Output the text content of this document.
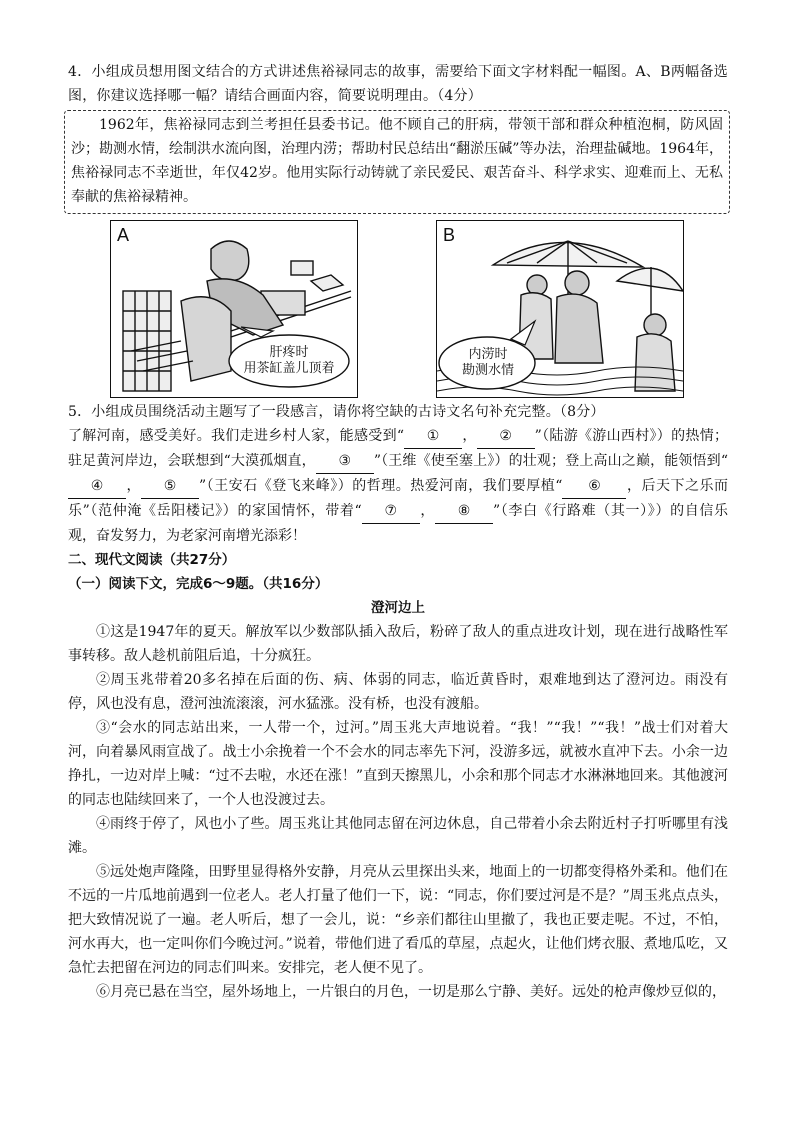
4．小组成员想用图文结合的方式讲述焦裕禄同志的故事，需要给下面文字材料配一幅图。A、B两幅备选图，你建议选择哪一幅？请结合画面内容，简要说明理由。（4分）

1962年，焦裕禄同志到兰考担任县委书记。他不顾自己的肝病，带领干部和群众种植泡桐，防风固沙；勘测水情，绘制洪水流向图，治理内涝；帮助村民总结出“翻淤压碱”等办法，治理盐碱地。1964年，焦裕禄同志不幸逝世，年仅42岁。他用实际行动铸就了亲民爱民、艰苦奋斗、科学求实、迎难而上、无私奉献的焦裕禄精神。

A
肝疼时
用茶缸盖儿顶着
B
内涝时
勘测水情

5．小组成员围绕活动主题写了一段感言，请你将空缺的古诗文名句补充完整。（8分）

了解河南，感受美好。我们走进乡村人家，能感受到“ ① ， ② ”（陆游《游山西村》）的热情；驻足黄河岸边，会联想到“大漠孤烟直， ③ ”（王维《使至塞上》）的壮观；登上高山之巅，能领悟到“④ ， ⑤ ”（王安石《登飞来峰》）的哲理。热爱河南，我们要厚植“ ⑥ ，后天下之乐而乐”（范仲淹《岳阳楼记》）的家国情怀，带着“ ⑦ ， ⑧ ”（李白《行路难（其一）》）的自信乐观，奋发努力，为老家河南增光添彩！

二、现代文阅读（共27分）

（一）阅读下文，完成6～9题。（共16分）

澄河边上

①这是1947年的夏天。解放军以少数部队插入敌后，粉碎了敌人的重点进攻计划，现在进行战略性军事转移。敌人趁机前阻后追，十分疯狂。

②周玉兆带着20多名掉在后面的伤、病、体弱的同志，临近黄昏时，艰难地到达了澄河边。雨没有停，风也没有息，澄河浊流滚滚，河水猛涨。没有桥，也没有渡船。

③“会水的同志站出来，一人带一个，过河。”周玉兆大声地说着。“我！”“我！”“我！”战士们对着大河，向着暴风雨宣战了。战士小余挽着一个不会水的同志率先下河，没游多远，就被水直冲下去。小余一边挣扎，一边对岸上喊：“过不去啦，水还在涨！”直到天擦黑儿，小余和那个同志才水淋淋地回来。其他渡河的同志也陆续回来了，一个人也没渡过去。

④雨终于停了，风也小了些。周玉兆让其他同志留在河边休息，自己带着小余去附近村子打听哪里有浅滩。

⑤远处炮声隆隆，田野里显得格外安静，月亮从云里探出头来，地面上的一切都变得格外柔和。他们在不远的一片瓜地前遇到一位老人。老人打量了他们一下，说：“同志，你们要过河是不是？”周玉兆点点头，把大致情况说了一遍。老人听后，想了一会儿，说：“乡亲们都往山里撤了，我也正要走呢。不过，不怕，河水再大，也一定叫你们今晚过河。”说着，带他们进了看瓜的草屋，点起火，让他们烤衣服、煮地瓜吃，又急忙去把留在河边的同志们叫来。安排完，老人便不见了。

⑥月亮已悬在当空，屋外场地上，一片银白的月色，一切是那么宁静、美好。远处的枪声像炒豆似的，
